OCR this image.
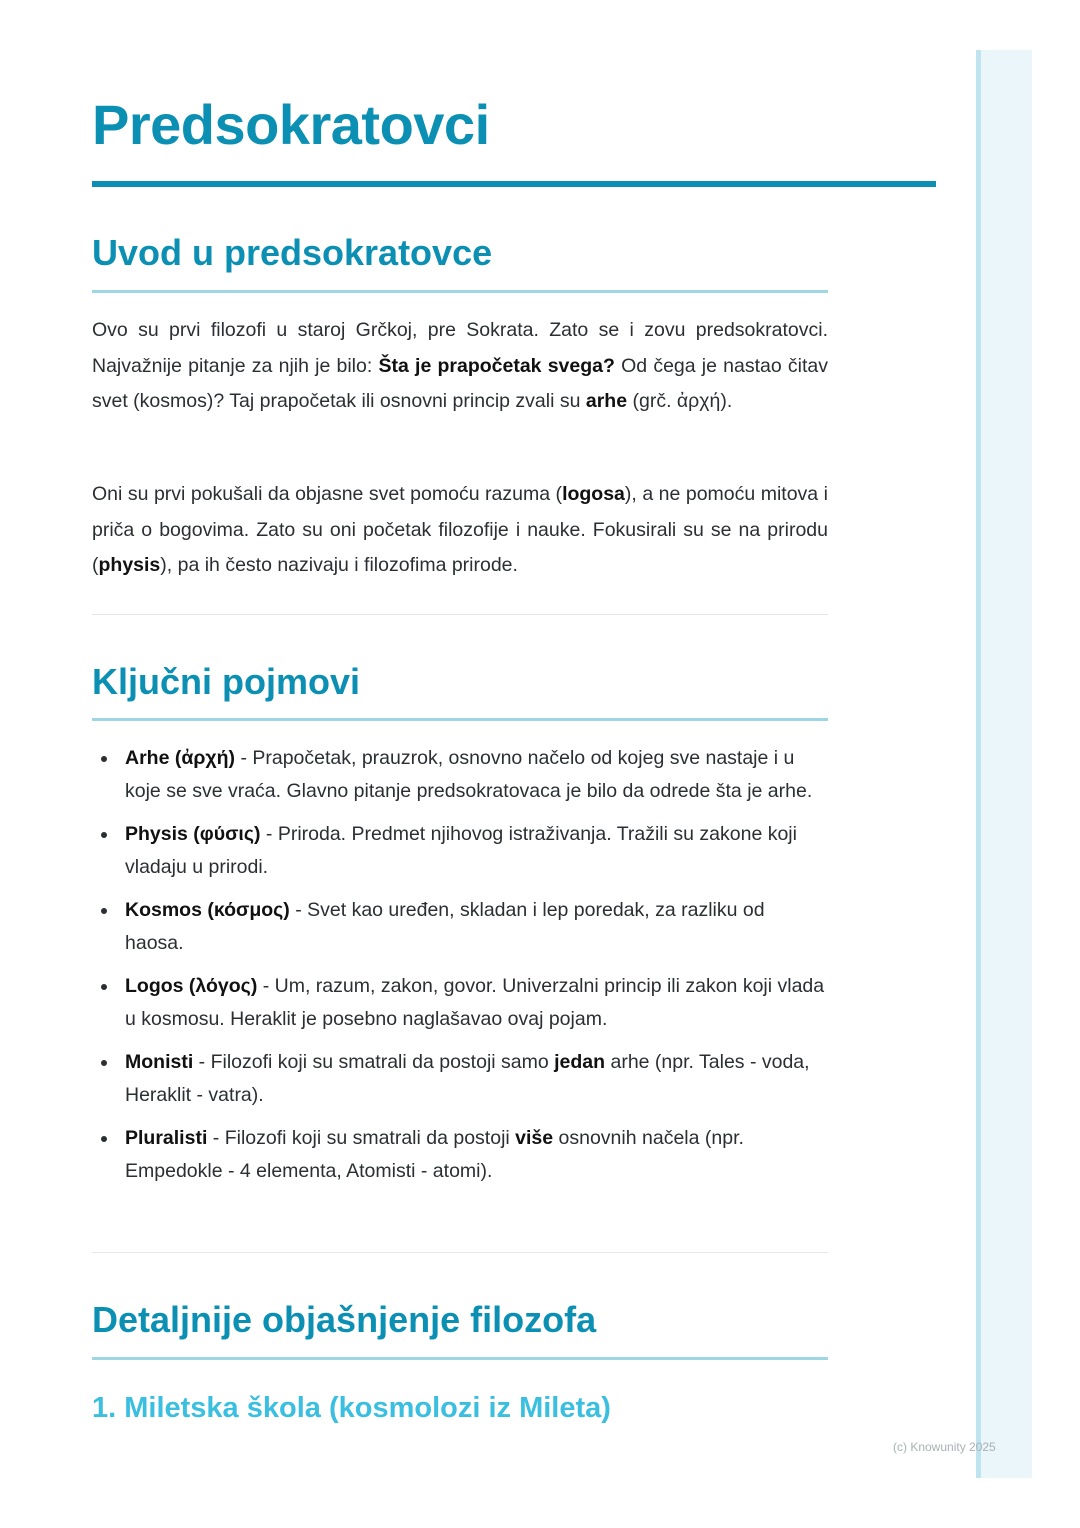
Predsokratovci
Uvod u predsokratovce

Ovo su prvi filozofi u staroj Grčkoj, pre Sokrata. Zato se i zovu predsokratovci. Najvažnije pitanje za njih je bilo: Šta je prapočetak svega? Od čega je nastao čitav svet (kosmos)? Taj prapočetak ili osnovni princip zvali su arhe (grč. ἀρχή).

Oni su prvi pokušali da objasne svet pomoću razuma (logosa), a ne pomoću mitova i priča o bogovima. Zato su oni početak filozofije i nauke. Fokusirali su se na prirodu (physis), pa ih često nazivaju i filozofima prirode.

Ključni pojmovi
Arhe (ἀρχή) - Prapočetak, prauzrok, osnovno načelo od kojeg sve nastaje i u koje se sve vraća. Glavno pitanje predsokratovaca je bilo da odrede šta je arhe.
Physis (φύσις) - Priroda. Predmet njihovog istraživanja. Tražili su zakone koji vladaju u prirodi.
Kosmos (κόσμος) - Svet kao uređen, skladan i lep poredak, za razliku od haosa.
Logos (λόγος) - Um, razum, zakon, govor. Univerzalni princip ili zakon koji vlada u kosmosu. Heraklit je posebno naglašavao ovaj pojam.
Monisti - Filozofi koji su smatrali da postoji samo jedan arhe (npr. Tales - voda, Heraklit - vatra).
Pluralisti - Filozofi koji su smatrali da postoji više osnovnih načela (npr. Empedokle - 4 elementa, Atomisti - atomi).
Detaljnije objašnjenje filozofa
1. Miletska škola (kosmolozi iz Mileta)
(c) Knowunity 2025
